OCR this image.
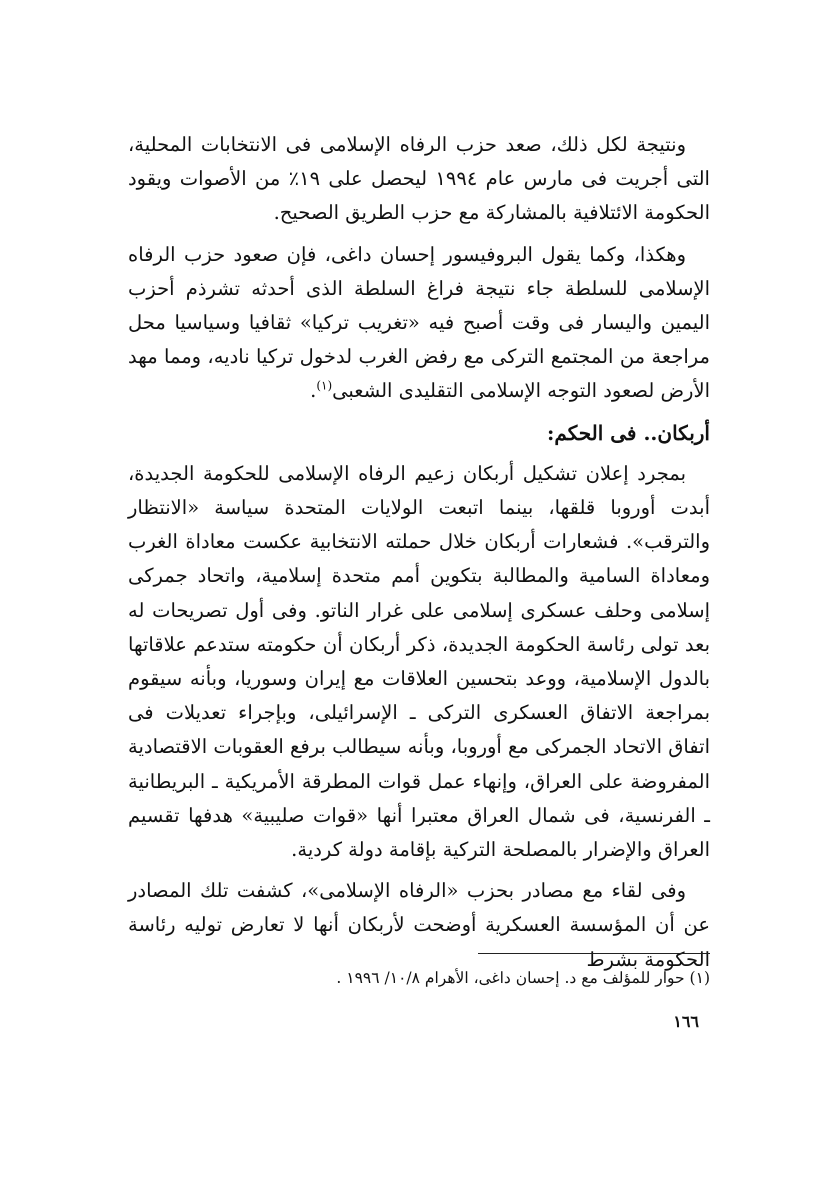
ونتيجة لكل ذلك، صعد حزب الرفاه الإسلامى فى الانتخابات المحلية، التى أجريت فى مارس عام ١٩٩٤ ليحصل على ١٩٪ من الأصوات ويقود الحكومة الائتلافية بالمشاركة مع حزب الطريق الصحيح.

وهكذا، وكما يقول البروفيسور إحسان داغى، فإن صعود حزب الرفاه الإسلامى للسلطة جاء نتيجة فراغ السلطة الذى أحدثه تشرذم أحزب اليمين واليسار فى وقت أصبح فيه «تغريب تركيا» ثقافيا وسياسيا محل مراجعة من المجتمع التركى مع رفض الغرب لدخول تركيا ناديه، ومما مهد الأرض لصعود التوجه الإسلامى التقليدى الشعبى$^{(١)}$.

أربكان.. فى الحكم:

بمجرد إعلان تشكيل أربكان زعيم الرفاه الإسلامى للحكومة الجديدة، أبدت أوروبا قلقها، بينما اتبعت الولايات المتحدة سياسة «الانتظار والترقب». فشعارات أربكان خلال حملته الانتخابية عكست معاداة الغرب ومعاداة السامية والمطالبة بتكوين أمم متحدة إسلامية، واتحاد جمركى إسلامى وحلف عسكرى إسلامى على غرار الناتو. وفى أول تصريحات له بعد تولى رئاسة الحكومة الجديدة، ذكر أربكان أن حكومته ستدعم علاقاتها بالدول الإسلامية، ووعد بتحسين العلاقات مع إيران وسوريا، وبأنه سيقوم بمراجعة الاتفاق العسكرى التركى ـ الإسرائيلى، وبإجراء تعديلات فى اتفاق الاتحاد الجمركى مع أوروبا، وبأنه سيطالب برفع العقوبات الاقتصادية المفروضة على العراق، وإنهاء عمل قوات المطرقة الأمريكية ـ البريطانية ـ الفرنسية، فى شمال العراق معتبرا أنها «قوات صليبية» هدفها تقسيم العراق والإضرار بالمصلحة التركية بإقامة دولة كردية.

وفى لقاء مع مصادر بحزب «الرفاه الإسلامى»، كشفت تلك المصادر عن أن المؤسسة العسكرية أوضحت لأربكان أنها لا تعارض توليه رئاسة الحكومة بشرط

(١) حوار للمؤلف مع د. إحسان داغى، الأهرام ١٠/٨/ ١٩٩٦ .
١٦٦
